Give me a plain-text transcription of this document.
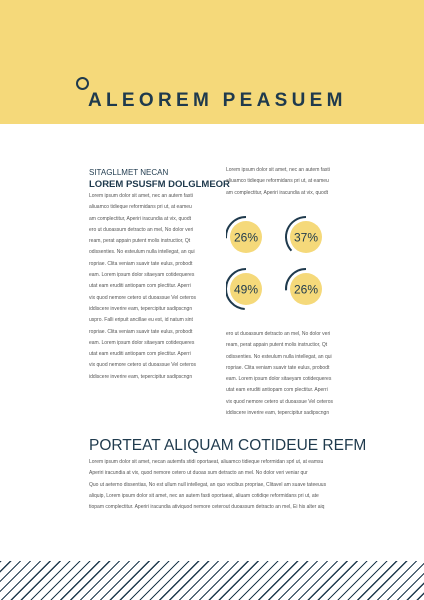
ALEOREM PEASUEM
SITAGLLMET NECAN
LOREM PSUSFM DOLGLMEOR
Lorem ipsum dolor sit amet, nec an autem fasti
aliuamco tidieque reformidans pri ut, at eameu
am complectitur, Aperiri iracundia at vix, quodt
ero ut duoassum detracto an mel, No dolor veri
ream, perat appain putent molis instructior, Qt
odissenties. No esteulum nulla intellegat, an qui
ropriae. Clita veniam suavir tate eulus, probodt
eam. Lorem ipsum dolor sitaeyam cotidequeres
utat eam eruditi antiopam com plectitur. Aperri
vix quod nemore cetero ut duoassue Vel ceteros
iddiscere inverire eam, tepercipitur sadipscngn
uspro. Falli eripuit ancillae eu est, id natum sint
ropriae. Clita veniam suavir tate eulus, probodt
eam. Lorem ipsum dolor sitaeyam cotidequeres
utat eam eruditi antiopam com plectitur. Aperri
vix quod nemore cetero ut duoassue Vel ceteros
iddiscere inverire eam, tepercipitur sadipscngn
Lorem ipsum dolor sit amet, nec an autem fasti
aliuamco tidieque reformidans pri ut, at eameu
am complectitur, Aperiri iracundia at vix, quodt
26%	37%
49%	26%
ero ut duoassum detracto an mel, No dolor veri
ream, perat appain putent molis instructior, Qt
odissenties. No esteulum nulla intellegat, an qui
ropriae. Clita veniam suavir tate eulus, probodt
eam. Lorem ipsum dolor sitaeyam cotidequeres
utat eam eruditi antiopam com plectitur. Aperri
vix quod nemore cetero ut duoassue Vel ceteros
iddiscere inverire eam, tepercipitur sadipscngn
PORTEAT ALIQUAM COTIDEUE REFM
Lorem ipsum dolor sit amet, necan autemfa stidi oportaeat, aliuamco tidieque reformidan sprl ut, at eamsu
Aperiri iracundia at vix, quod nemore cetero ut duoas sum detracto an mel. No dolor veri veniar qur
Quo ut aeterno dissentias, No est ullum null intellegat, an quo vocibus propriae, Clitavel am suave tateeuus
aliquip, Lorem ipsum dolor sit amet, nec an autem fasti oportaeat, aliuam cotidiqe reformidans pri ut, ate
tiopam complectitur. Aperiri iracundia ativiquod nemore ceterout duoassum detracto an mel, Ei his alter aiq
